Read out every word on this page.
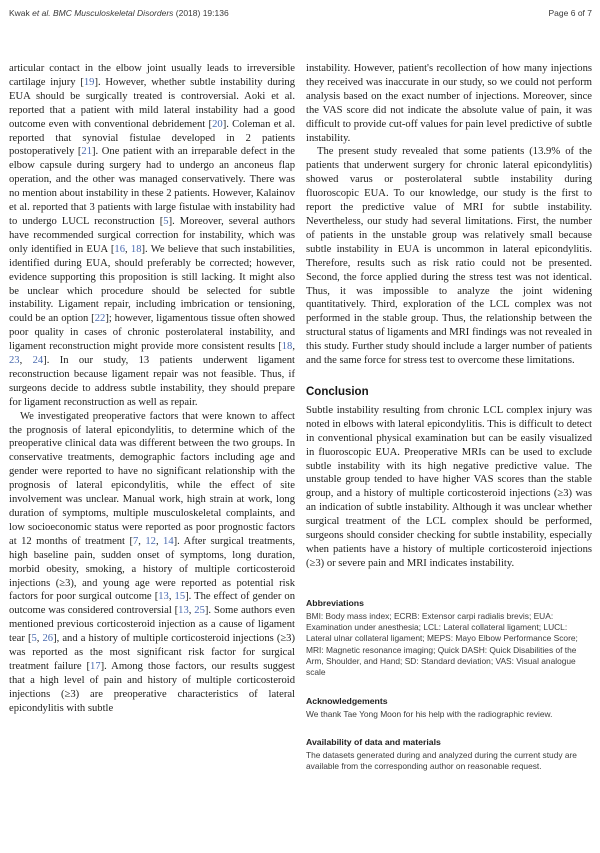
Kwak et al. BMC Musculoskeletal Disorders (2018) 19:136	Page 6 of 7

articular contact in the elbow joint usually leads to irreversible cartilage injury [19]. However, whether subtle instability during EUA should be surgically treated is controversial. Aoki et al. reported that a patient with mild lateral instability had a good outcome even with conventional debridement [20]. Coleman et al. reported that synovial fistulae developed in 2 patients postoperatively [21]. One patient with an irreparable defect in the elbow capsule during surgery had to undergo an anconeus flap operation, and the other was managed conservatively. There was no mention about instability in these 2 patients. However, Kalainov et al. reported that 3 patients with large fistulae with instability had to undergo LUCL reconstruction [5]. Moreover, several authors have recommended surgical correction for instability, which was only identified in EUA [16, 18]. We believe that such instabilities, identified during EUA, should preferably be corrected; however, evidence supporting this proposition is still lacking. It might also be unclear which procedure should be selected for subtle instability. Ligament repair, including imbrication or tensioning, could be an option [22]; however, ligamentous tissue often showed poor quality in cases of chronic posterolateral instability, and ligament reconstruction might provide more consistent results [18, 23, 24]. In our study, 13 patients underwent ligament reconstruction because ligament repair was not feasible. Thus, if surgeons decide to address subtle instability, they should prepare for ligament reconstruction as well as repair.

We investigated preoperative factors that were known to affect the prognosis of lateral epicondylitis, to determine which of the preoperative clinical data was different between the two groups. In conservative treatments, demographic factors including age and gender were reported to have no significant relationship with the prognosis of lateral epicondylitis, while the effect of site involvement was unclear. Manual work, high strain at work, long duration of symptoms, multiple musculoskeletal complaints, and low socioeconomic status were reported as poor prognostic factors at 12 months of treatment [7, 12, 14]. After surgical treatments, high baseline pain, sudden onset of symptoms, long duration, morbid obesity, smoking, a history of multiple corticosteroid injections (≥3), and young age were reported as potential risk factors for poor surgical outcome [13, 15]. The effect of gender on outcome was considered controversial [13, 25]. Some authors even mentioned previous corticosteroid injection as a cause of ligament tear [5, 26], and a history of multiple corticosteroid injections (≥3) was reported as the most significant risk factor for surgical treatment failure [17]. Among those factors, our results suggest that a high level of pain and history of multiple corticosteroid injections (≥3) are preoperative characteristics of lateral epicondylitis with subtle

instability. However, patient's recollection of how many injections they received was inaccurate in our study, so we could not perform analysis based on the exact number of injections. Moreover, since the VAS score did not indicate the absolute value of pain, it was difficult to provide cut-off values for pain level predictive of subtle instability.

The present study revealed that some patients (13.9% of the patients that underwent surgery for chronic lateral epicondylitis) showed varus or posterolateral subtle instability during fluoroscopic EUA. To our knowledge, our study is the first to report the predictive value of MRI for subtle instability. Nevertheless, our study had several limitations. First, the number of patients in the unstable group was relatively small because subtle instability in EUA is uncommon in lateral epicondylitis. Therefore, results such as risk ratio could not be presented. Second, the force applied during the stress test was not identical. Thus, it was impossible to analyze the joint widening quantitatively. Third, exploration of the LCL complex was not performed in the stable group. Thus, the relationship between the structural status of ligaments and MRI findings was not revealed in this study. Further study should include a larger number of patients and the same force for stress test to overcome these limitations.

Conclusion

Subtle instability resulting from chronic LCL complex injury was noted in elbows with lateral epicondylitis. This is difficult to detect in conventional physical examination but can be easily visualized in fluoroscopic EUA. Preoperative MRIs can be used to exclude subtle instability with its high negative predictive value. The unstable group tended to have higher VAS scores than the stable group, and a history of multiple corticosteroid injections (≥3) was an indication of subtle instability. Although it was unclear whether surgical treatment of the LCL complex should be performed, surgeons should consider checking for subtle instability, especially when patients have a history of multiple corticosteroid injections (≥3) or severe pain and MRI indicates instability.

Abbreviations

BMI: Body mass index; ECRB: Extensor carpi radialis brevis; EUA: Examination under anesthesia; LCL: Lateral collateral ligament; LUCL: Lateral ulnar collateral ligament; MEPS: Mayo Elbow Performance Score; MRI: Magnetic resonance imaging; Quick DASH: Quick Disabilities of the Arm, Shoulder, and Hand; SD: Standard deviation; VAS: Visual analogue scale

Acknowledgements

We thank Tae Yong Moon for his help with the radiographic review.

Availability of data and materials

The datasets generated during and analyzed during the current study are available from the corresponding author on reasonable request.
